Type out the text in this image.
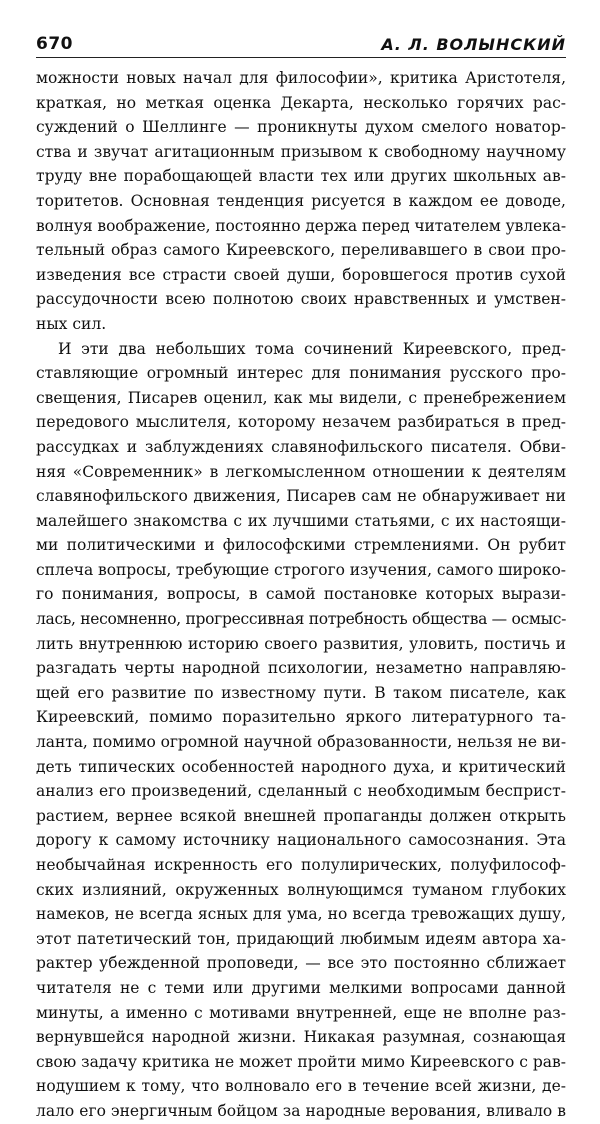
670	А. Л. ВОЛЫНСКИЙ
можности новых начал для философии», критика Аристотеля,
краткая, но меткая оценка Декарта, несколько горячих рас-
суждений о Шеллинге — проникнуты духом смелого новатор-
ства и звучат агитационным призывом к свободному научному
труду вне порабощающей власти тех или других школьных ав-
торитетов. Основная тенденция рисуется в каждом ее доводе,
волнуя воображение, постоянно держа перед читателем увлека-
тельный образ самого Киреевского, переливавшего в свои про-
изведения все страсти своей души, боровшегося против сухой
рассудочности всею полнотою своих нравственных и умствен-
ных сил.
И эти два небольших тома сочинений Киреевского, пред-
ставляющие огромный интерес для понимания русского про-
свещения, Писарев оценил, как мы видели, с пренебрежением
передового мыслителя, которому незачем разбираться в пред-
рассудках и заблуждениях славянофильского писателя. Обви-
няя «Современник» в легкомысленном отношении к деятелям
славянофильского движения, Писарев сам не обнаруживает ни
малейшего знакомства с их лучшими статьями, с их настоящи-
ми политическими и философскими стремлениями. Он рубит
сплеча вопросы, требующие строгого изучения, самого широко-
го понимания, вопросы, в самой постановке которых вырази-
лась, несомненно, прогрессивная потребность общества — осмыс-
лить внутреннюю историю своего развития, уловить, постичь и
разгадать черты народной психологии, незаметно направляю-
щей его развитие по известному пути. В таком писателе, как
Киреевский, помимо поразительно яркого литературного та-
ланта, помимо огромной научной образованности, нельзя не ви-
деть типических особенностей народного духа, и критический
анализ его произведений, сделанный с необходимым бесприст-
растием, вернее всякой внешней пропаганды должен открыть
дорогу к самому источнику национального самосознания. Эта
необычайная искренность его полулирических, полуфилософ-
ских излияний, окруженных волнующимся туманом глубоких
намеков, не всегда ясных для ума, но всегда тревожащих душу,
этот патетический тон, придающий любимым идеям автора ха-
рактер убежденной проповеди, — все это постоянно сближает
читателя не с теми или другими мелкими вопросами данной
минуты, а именно с мотивами внутренней, еще не вполне раз-
вернувшейся народной жизни. Никакая разумная, сознающая
свою задачу критика не может пройти мимо Киреевского с рав-
нодушием к тому, что волновало его в течение всей жизни, де-
лало его энергичным бойцом за народные верования, вливало в
